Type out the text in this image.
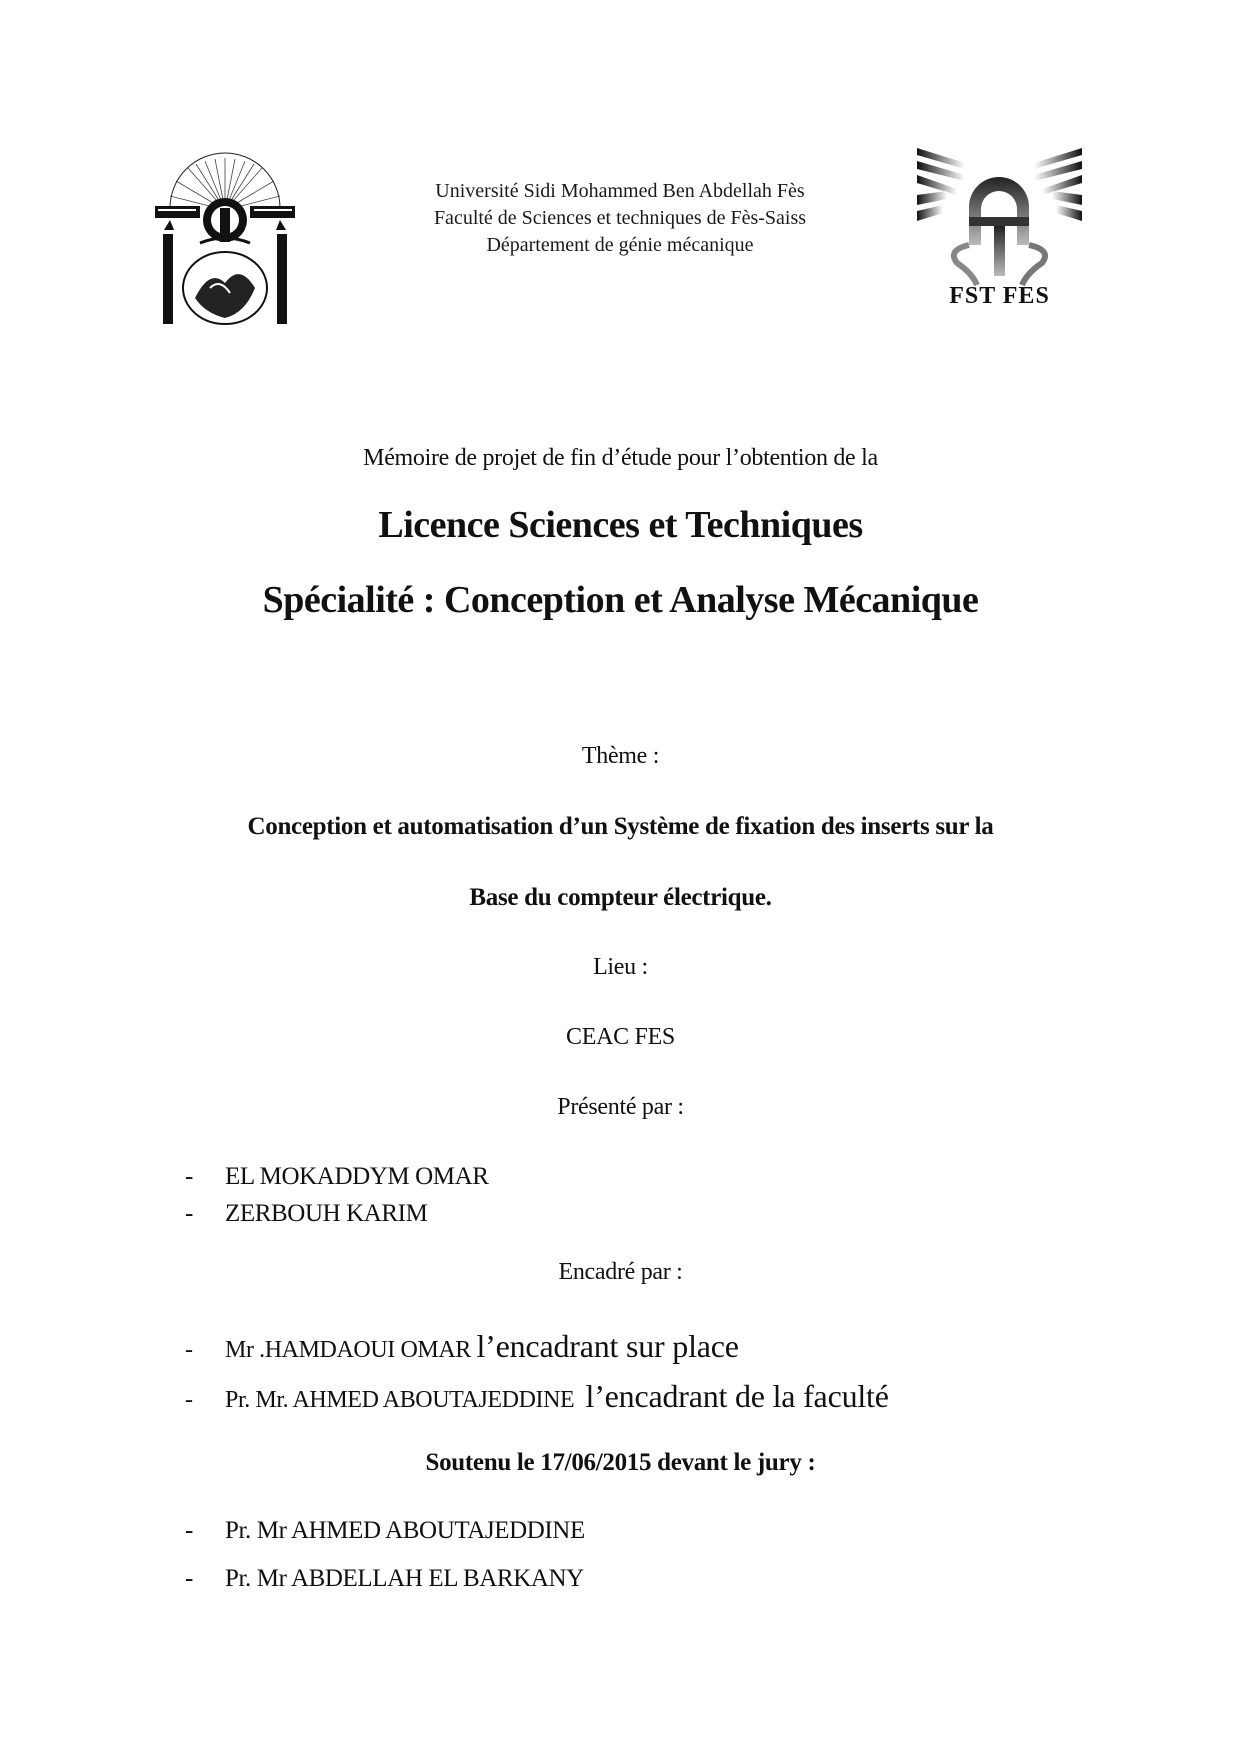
Université Sidi Mohammed Ben Abdellah Fès
Faculté de Sciences et techniques de Fès-Saiss
Département de génie mécanique
FST FES
Mémoire de projet de fin d’étude pour l’obtention de la
Licence Sciences et Techniques
Spécialité : Conception et Analyse Mécanique
Thème :
Conception et automatisation d’un Système de fixation des inserts sur la
Base du compteur électrique.
Lieu :
CEAC FES
Présenté par :
- EL MOKADDYM OMAR
- ZERBOUH KARIM
Encadré par :
- Mr .HAMDAOUI OMAR l’encadrant sur place
- Pr. Mr. AHMED ABOUTAJEDDINE l’encadrant de la faculté
Soutenu le 17/06/2015 devant le jury :
- Pr. Mr AHMED ABOUTAJEDDINE
- Pr. Mr ABDELLAH EL BARKANY
